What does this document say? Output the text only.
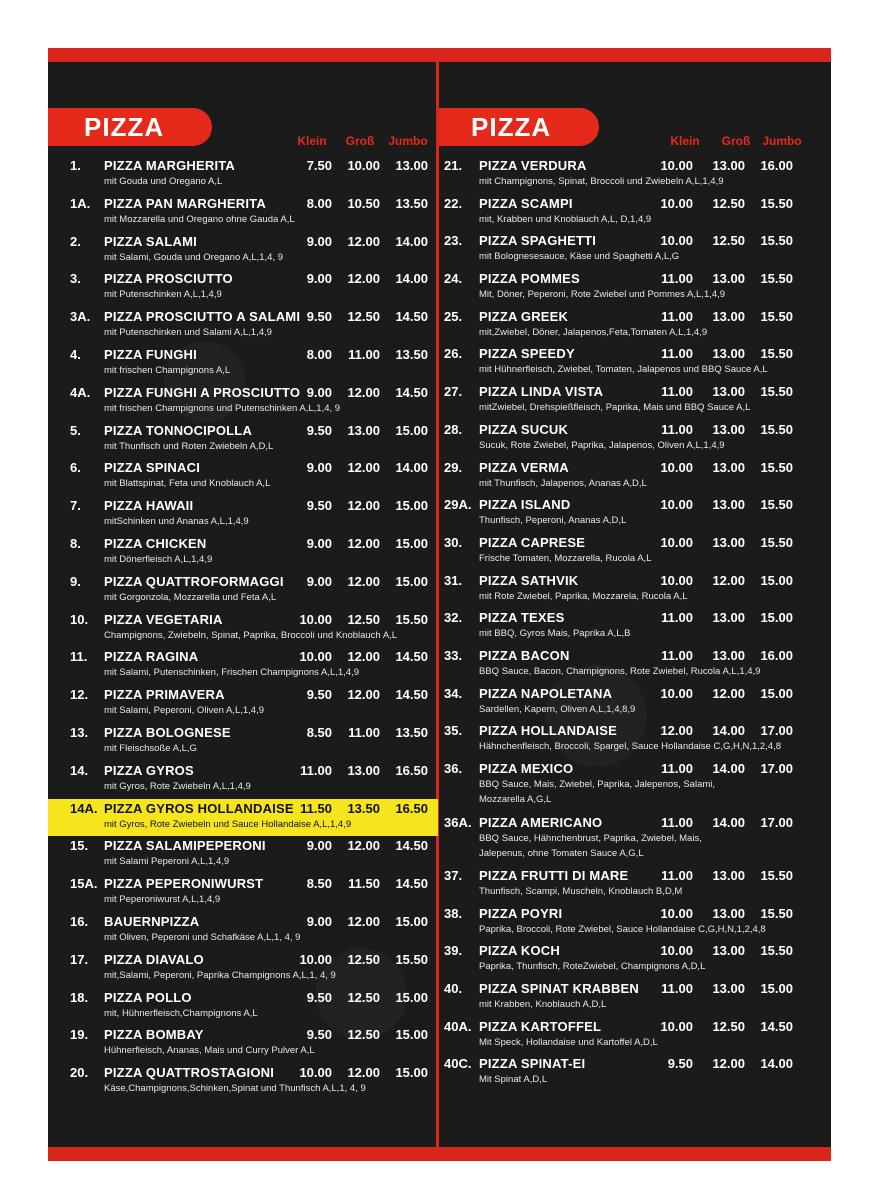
PIZZA	Klein	Groß	Jumbo
1. PIZZA MARGHERITA
mit Gouda und Oregano A,L
7.50	10.00	13.00
1A. PIZZA PAN MARGHERITA
mit Mozzarella und Oregano ohne Gauda A,L
8.00	10.50	13.50
2. PIZZA SALAMI
mit Salami, Gouda und Oregano A,L,1,4, 9
9.00	12.00	14.00
3. PIZZA PROSCIUTTO
mit Putenschinken A,L,1,4,9
9.00	12.00	14.00
3A. PIZZA PROSCIUTTO A SALAMI
mit Putenschinken und Salami A,L,1,4,9
9.50	12.50	14.50
4. PIZZA FUNGHI
mit frischen Champignons A,L
8.00	11.00	13.50
4A. PIZZA FUNGHI A PROSCIUTTO
mit frischen Champignons und Putenschinken A,L,1,4, 9
9.00	12.00	14.50
5. PIZZA TONNOCIPOLLA
mit Thunfisch und Roten Zwiebeln A,D,L
9.50	13.00	15.00
6. PIZZA SPINACI
mit Blattspinat, Feta und Knoblauch A,L
9.00	12.00	14.00
7. PIZZA HAWAII
mitSchinken und Ananas A,L,1,4,9
9.50	12.00	15.00
8. PIZZA CHICKEN
mit Dönerfleisch A,L,1,4,9
9.00	12.00	15.00
9. PIZZA QUATTROFORMAGGI
mit Gorgonzola, Mozzarella und Feta A,L
9.00	12.00	15.00
10. PIZZA VEGETARIA
Champignons, Zwiebeln, Spinat, Paprika, Broccoli und Knoblauch A,L
10.00	12.50	15.50
11. PIZZA RAGINA
mit Salami, Putenschinken, Frischen Champignons A,L,1,4,9
10.00	12.00	14.50
12. PIZZA PRIMAVERA
mit Salami, Peperoni, Oliven A,L,1,4,9
9.50	12.00	14.50
13. PIZZA BOLOGNESE
mit Fleischsoße A,L,G
8.50	11.00	13.50
14. PIZZA GYROS
mit Gyros, Rote Zwiebeln A,L,1,4,9
11.00	13.00	16.50
14A. PIZZA GYROS HOLLANDAISE
mit Gyros, Rote Zwiebeln und Sauce Hollandaise A,L,1,4,9
11.50	13.50	16.50
15. PIZZA SALAMIPEPERONI
mit Salami Peperoni A,L,1,4,9
9.00	12.00	14.50
15A. PIZZA PEPERONIWURST
mit Peperoniwurst A,L,1,4,9
8.50	11.50	14.50
16. BAUERNPIZZA
mit Oliven, Peperoni und Schafkäse A,L,1, 4, 9
9.00	12.00	15.00
17. PIZZA DIAVALO
mit,Salami, Peperoni, Paprika Champignons A,L,1, 4, 9
10.00	12.50	15.50
18. PIZZA POLLO
mit, Hühnerfleisch,Champignons A,L
9.50	12.50	15.00
19. PIZZA BOMBAY
Hühnerfleisch, Ananas, Mais und Curry Pulver A,L
9.50	12.50	15.00
20. PIZZA QUATTROSTAGIONI
Käse,Champignons,Schinken,Spinat und Thunfisch A,L,1, 4, 9
10.00	12.00	15.00
PIZZA	Klein	Groß	Jumbo
21. PIZZA VERDURA
mit Champignons, Spinat, Broccoli und Zwiebeln A,L,1,4,9
10.00	13.00	16.00
22. PIZZA SCAMPI
mit, Krabben und Knoblauch A,L, D,1,4,9
10.00	12.50	15.50
23. PIZZA SPAGHETTI
mit Bolognesesauce, Käse und Spaghetti A,L,G
10.00	12.50	15.50
24. PIZZA POMMES
Mit, Döner, Peperoni, Rote Zwiebel und Pommes A,L,1,4,9
11.00	13.00	15.50
25. PIZZA GREEK
mit,Zwiebel, Döner, Jalapenos,Feta,Tomaten A,L,1,4,9
11.00	13.00	15.50
26. PIZZA SPEEDY
mit Hühnerfleisch, Zwiebel, Tomaten, Jalapenos und BBQ Sauce A,L
11.00	13.00	15.50
27. PIZZA LINDA VISTA
mitZwiebel, Drehspießfleisch, Paprika, Mais und BBQ Sauce A,L
11.00	13.00	15.50
28. PIZZA SUCUK
Sucuk, Rote Zwiebel, Paprika, Jalapenos, Oliven A,L,1,4,9
11.00	13.00	15.50
29. PIZZA VERMA
mit Thunfisch, Jalapenos, Ananas A,D,L
10.00	13.00	15.50
29A. PIZZA ISLAND
Thunfisch, Peperoni, Ananas A,D,L
10.00	13.00	15.50
30. PIZZA CAPRESE
Frische Tomaten, Mozzarella, Rucola A,L
10.00	13.00	15.50
31. PIZZA SATHVIK
mit Rote Zwiebel, Paprika, Mozzarela, Rucola A,L
10.00	12.00	15.00
32. PIZZA TEXES
mit BBQ, Gyros Mais, Paprika A,L,B
11.00	13.00	15.00
33. PIZZA BACON
BBQ Sauce, Bacon, Champignons, Rote Zwiebel, Rucola A,L,1,4,9
11.00	13.00	16.00
34. PIZZA NAPOLETANA
Sardellen, Kapern, Oliven A,L,1,4,8,9
10.00	12.00	15.00
35. PIZZA HOLLANDAISE
Hähnchenfleisch, Broccoli, Spargel, Sauce Hollandaise C,G,H,N,1,2,4,8
12.00	14.00	17.00
36. PIZZA MEXICO
BBQ Sauce, Mais, Zwiebel, Paprika, Jalepenos, Salami,
Mozzarella A,G,L
11.00	14.00	17.00
36A. PIZZA AMERICANO
BBQ Sauce, Hähnchenbrust, Paprika, Zwiebel, Mais,
Jalepenus, ohne Tomaten Sauce A,G,L
11.00	14.00	17.00
37. PIZZA FRUTTI DI MARE
Thunfisch, Scampi, Muscheln, Knoblauch B,D,M
11.00	13.00	15.50
38. PIZZA POYRI
Paprika, Broccoli, Rote Zwiebel, Sauce Hollandaise C,G,H,N,1,2,4,8
10.00	13.00	15.50
39. PIZZA KOCH
Paprika, Thunfisch, RoteZwiebel, Champignons A,D,L
10.00	13.00	15.50
40. PIZZA SPINAT KRABBEN
mit Krabben, Knoblauch A,D,L
11.00	13.00	15.00
40A. PIZZA KARTOFFEL
Mit Speck, Hollandaise und Kartoffel A,D,L
10.00	12.50	14.50
40C. PIZZA SPINAT-EI
Mit Spinat A,D,L
9.50	12.00	14.00
